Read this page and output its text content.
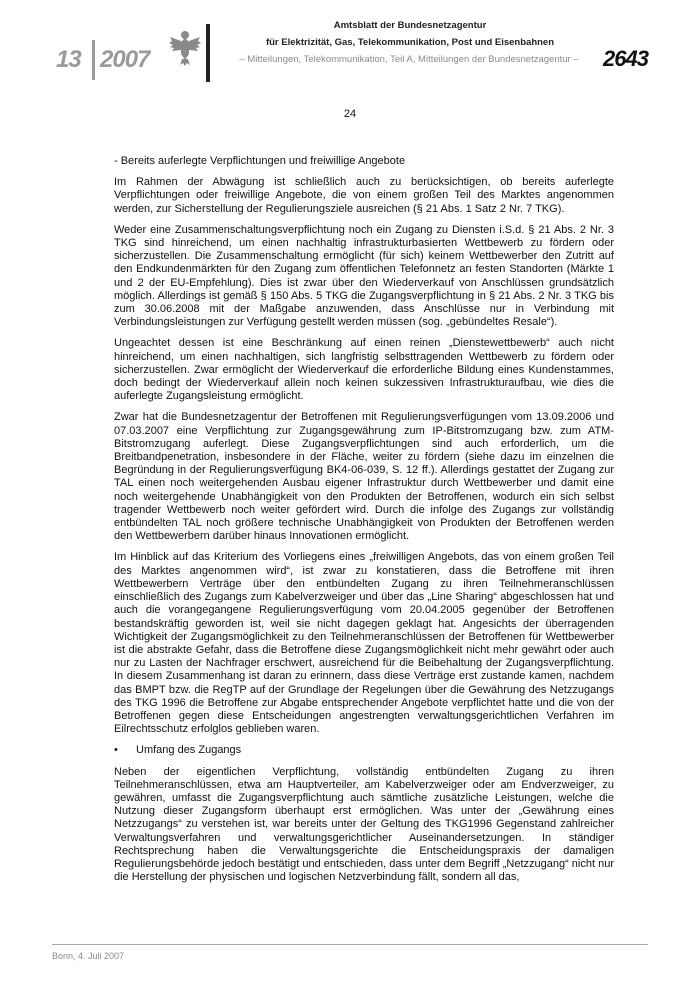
13 2007
Amtsblatt der Bundesnetzagentur
für Elektrizität, Gas, Telekommunikation, Post und Eisenbahnen
– Mitteilungen, Telekommunikation, Teil A, Mitteilungen der Bundesnetzagentur –	2643
24

- Bereits auferlegte Verpflichtungen und freiwillige Angebote

Im Rahmen der Abwägung ist schließlich auch zu berücksichtigen, ob bereits auferlegte Verpflichtungen oder freiwillige Angebote, die von einem großen Teil des Marktes angenommen werden, zur Sicherstellung der Regulierungsziele ausreichen (§ 21 Abs. 1 Satz 2 Nr. 7 TKG).

Weder eine Zusammenschaltungsverpflichtung noch ein Zugang zu Diensten i.S.d. § 21 Abs. 2 Nr. 3 TKG sind hinreichend, um einen nachhaltig infrastrukturbasierten Wettbewerb zu fördern oder sicherzustellen. Die Zusammenschaltung ermöglicht (für sich) keinem Wettbewerber den Zutritt auf den Endkundenmärkten für den Zugang zum öffentlichen Telefonnetz an festen Standorten (Märkte 1 und 2 der EU-Empfehlung). Dies ist zwar über den Wiederverkauf von Anschlüssen grundsätzlich möglich. Allerdings ist gemäß § 150 Abs. 5 TKG die Zugangsverpflichtung in § 21 Abs. 2 Nr. 3 TKG bis zum 30.06.2008 mit der Maßgabe anzuwenden, dass Anschlüsse nur in Verbindung mit Verbindungsleistungen zur Verfügung gestellt werden müssen (sog. „gebündeltes Resale“).

Ungeachtet dessen ist eine Beschränkung auf einen reinen „Dienstewettbewerb“ auch nicht hinreichend, um einen nachhaltigen, sich langfristig selbsttragenden Wettbewerb zu fördern oder sicherzustellen. Zwar ermöglicht der Wiederverkauf die erforderliche Bildung eines Kundenstammes, doch bedingt der Wiederverkauf allein noch keinen sukzessiven Infrastrukturaufbau, wie dies die auferlegte Zugangsleistung ermöglicht.

Zwar hat die Bundesnetzagentur der Betroffenen mit Regulierungsverfügungen vom 13.09.2006 und 07.03.2007 eine Verpflichtung zur Zugangsgewährung zum IP-Bitstromzugang bzw. zum ATM-Bitstromzugang auferlegt. Diese Zugangsverpflichtungen sind auch erforderlich, um die Breitbandpenetration, insbesondere in der Fläche, weiter zu fördern (siehe dazu im einzelnen die Begründung in der Regulierungsverfügung BK4-06-039, S. 12 ff.). Allerdings gestattet der Zugang zur TAL einen noch weitergehenden Ausbau eigener Infrastruktur durch Wettbewerber und damit eine noch weitergehende Unabhängigkeit von den Produkten der Betroffenen, wodurch ein sich selbst tragender Wettbewerb noch weiter gefördert wird. Durch die infolge des Zugangs zur vollständig entbündelten TAL noch größere technische Unabhängigkeit von Produkten der Betroffenen werden den Wettbewerbern darüber hinaus Innovationen ermöglicht.

Im Hinblick auf das Kriterium des Vorliegens eines „freiwilligen Angebots, das von einem großen Teil des Marktes angenommen wird“, ist zwar zu konstatieren, dass die Betroffene mit ihren Wettbewerbern Verträge über den entbündelten Zugang zu ihren Teilnehmeranschlüssen einschließlich des Zugangs zum Kabelverzweiger und über das „Line Sharing“ abgeschlossen hat und auch die vorangegangene Regulierungsverfügung vom 20.04.2005 gegenüber der Betroffenen bestandskräftig geworden ist, weil sie nicht dagegen geklagt hat. Angesichts der überragenden Wichtigkeit der Zugangsmöglichkeit zu den Teilnehmeranschlüssen der Betroffenen für Wettbewerber ist die abstrakte Gefahr, dass die Betroffene diese Zugangsmöglichkeit nicht mehr gewährt oder auch nur zu Lasten der Nachfrager erschwert, ausreichend für die Beibehaltung der Zugangsverpflichtung. In diesem Zusammenhang ist daran zu erinnern, dass diese Verträge erst zustande kamen, nachdem das BMPT bzw. die RegTP auf der Grundlage der Regelungen über die Gewährung des Netzzugangs des TKG 1996 die Betroffene zur Abgabe entsprechender Angebote verpflichtet hatte und die von der Betroffenen gegen diese Entscheidungen angestrengten verwaltungsgerichtlichen Verfahren im Eilrechtsschutz erfolglos geblieben waren.

•	Umfang des Zugangs

Neben der eigentlichen Verpflichtung, vollständig entbündelten Zugang zu ihren Teilnehmeranschlüssen, etwa am Hauptverteiler, am Kabelverzweiger oder am Endverzweiger, zu gewähren, umfasst die Zugangsverpflichtung auch sämtliche zusätzliche Leistungen, welche die Nutzung dieser Zugangsform überhaupt erst ermöglichen. Was unter der „Gewährung eines Netzzugangs“ zu verstehen ist, war bereits unter der Geltung des TKG1996 Gegenstand zahlreicher Verwaltungsverfahren und verwaltungsgerichtlicher Auseinandersetzungen. In ständiger Rechtsprechung haben die Verwaltungsgerichte die Entscheidungspraxis der damaligen Regulierungsbehörde jedoch bestätigt und entschieden, dass unter dem Begriff „Netzzugang“ nicht nur die Herstellung der physischen und logischen Netzverbindung fällt, sondern all das,

Bonn, 4. Juli 2007
